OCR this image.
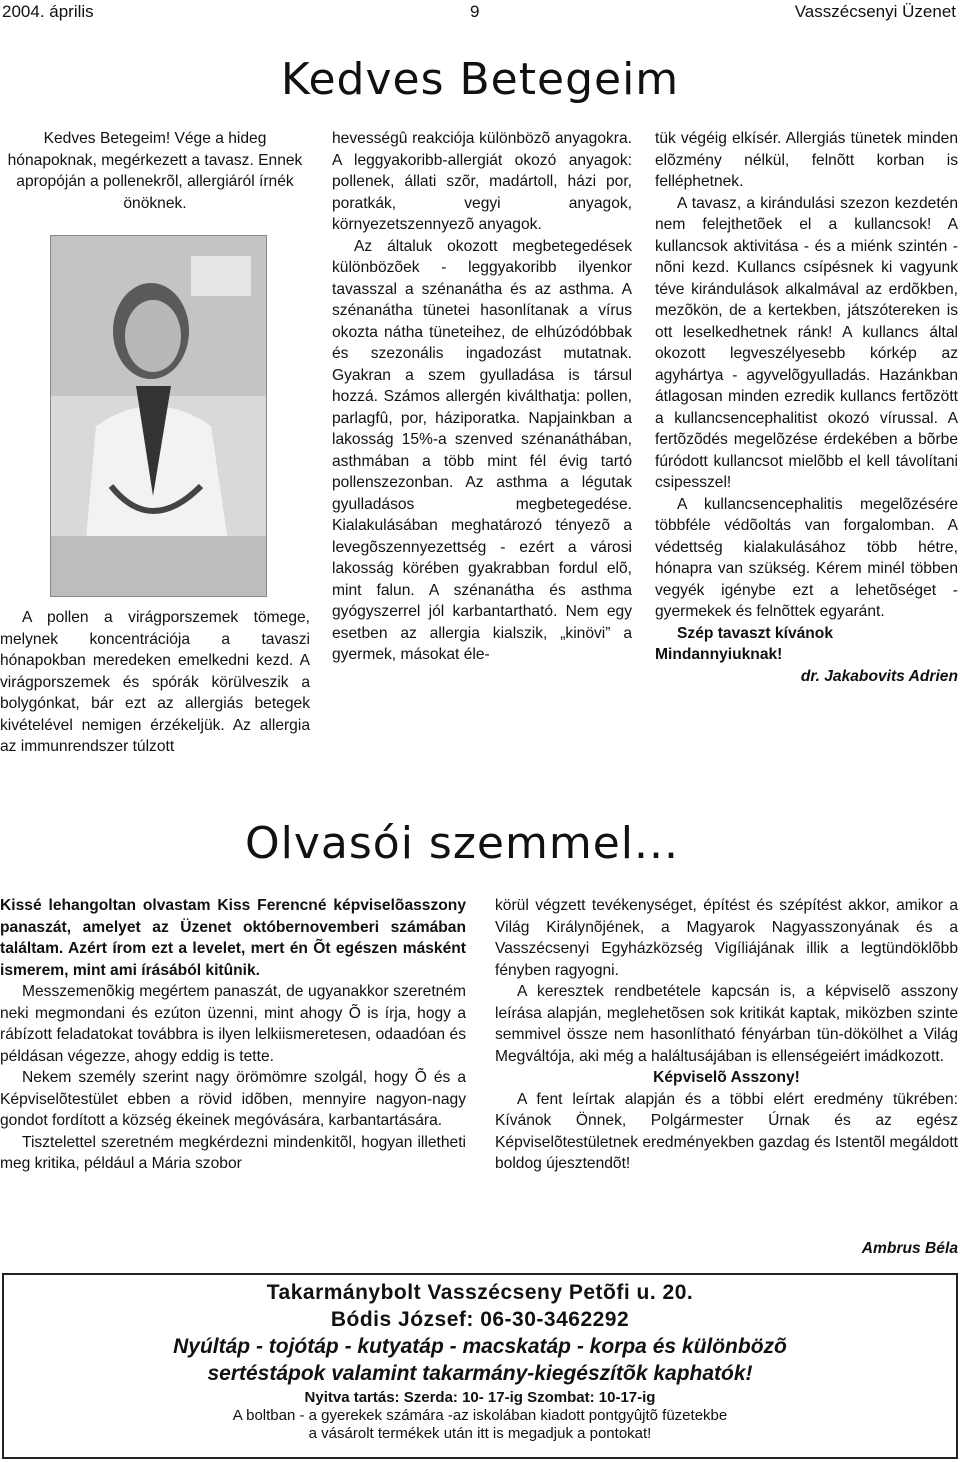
2004. április	9	Vasszécsenyi Üzenet
Kedves Betegeim

Kedves Betegeim! Vége a hideg hónapoknak, megérkezett a tavasz. Ennek apropóján a pollenekrõl, allergiáról írnék önöknek.

A pollen a virágporszemek tömege, melynek koncentrációja a tavaszi hónapokban meredeken emelkedni kezd. A virágporszemek és spórák körülveszik a bolygónkat, bár ezt az allergiás betegek kivételével nemigen érzékeljük. Az allergia az immunrendszer túlzott

hevességû reakciója különbözõ anyagokra. A leggyakoribb-allergiát okozó anyagok: pollenek, állati szõr, madártoll, házi por, poratkák, vegyi anyagok, környezetszennyezõ anyagok.

Az általuk okozott megbetegedések különbözõek - leggyakoribb ilyenkor tavasszal a szénanátha és az asthma. A szénanátha tünetei hasonlítanak a vírus okozta nátha tüneteihez, de elhúzódóbbak és szezonális ingadozást mutatnak. Gyakran a szem gyulladása is társul hozzá. Számos allergén kiválthatja: pollen, parlagfû, por, háziporatka. Napjainkban a lakosság 15%-a szenved szénanáthában, asthmában a több mint fél évig tartó pollenszezonban. Az asthma a légutak gyulladásos megbetegedése. Kialakulásában meghatározó tényezõ a levegõszennyezettség - ezért a városi lakosság körében gyakrabban fordul elõ, mint falun. A szénanátha és asthma gyógyszerrel jól karbantartható. Nem egy esetben az allergia kialszik, „kinövi” a gyermek, másokat éle-

tük végéig elkísér. Allergiás tünetek minden elõzmény nélkül, felnõtt korban is felléphetnek.

A tavasz, a kirándulási szezon kezdetén nem felejthetõek el a kullancsok! A kullancsok aktivitása - és a miénk szintén - nõni kezd. Kullancs csípésnek ki vagyunk téve kirándulások alkalmával az erdõkben, mezõkön, de a kertekben, játszótereken is ott leselkedhetnek ránk! A kullancs által okozott legveszélyesebb kórkép az agyhártya - agyvelõgyulladás. Hazánkban átlagosan minden ezredik kullancs fertõzött a kullancsencephalitist okozó vírussal. A fertõzõdés megelõzése érdekében a bõrbe fúródott kullancsot mielõbb el kell távolítani csipesszel!

A kullancsencephalitis megelõzésére többféle védõoltás van forgalomban. A védettség kialakulásához több hétre, hónapra van szükség. Kérem minél többen vegyék igénybe ezt a lehetõséget - gyermekek és felnõttek egyaránt.

Szép tavaszt kívánok Mindannyiuknak!

dr. Jakabovits Adrien

Olvasói szemmel...

Kissé lehangoltan olvastam Kiss Ferencné képviselõasszony panaszát, amelyet az Üzenet októbernovemberi számában találtam. Azért írom ezt a levelet, mert én Õt egészen másként ismerem, mint ami írásából kitûnik.

Messzemenõkig megértem panaszát, de ugyanakkor szeretném neki megmondani és ezúton üzenni, mint ahogy Õ is írja, hogy a rábízott feladatokat továbbra is ilyen lelkiismeretesen, odaadóan és példásan végezze, ahogy eddig is tette.

Nekem személy szerint nagy örömömre szolgál, hogy Õ és a Képviselõtestület ebben a rövid idõben, mennyire nagyon-nagy gondot fordított a község ékeinek megóvására, karbantartására.

Tisztelettel szeretném megkérdezni mindenkitõl, hogyan illetheti meg kritika, például a Mária szobor

körül végzett tevékenységet, építést és szépítést akkor, amikor a Világ Királynõjének, a Magyarok Nagyasszonyának és a Vasszécsenyi Egyházközség Vigíliájának illik a legtündöklõbb fényben ragyogni.

A keresztek rendbetétele kapcsán is, a képviselõ asszony leírása alapján, meglehetõsen sok kritikát kaptak, miközben szinte semmivel össze nem hasonlítható fényárban tün-dökölhet a Világ Megváltója, aki még a haláltusájában is ellenségeiért imádkozott.

Képviselõ Asszony!

A fent leírtak alapján és a többi elért eredmény tükrében: Kívánok Önnek, Polgármester Úrnak és az egész Képviselõtestületnek eredményekben gazdag és Istentõl megáldott boldog újesztendõt!

Ambrus Béla

Takarmánybolt Vasszécseny Petõfi u. 20.
Bódis József: 06-30-3462292
Nyúltáp - tojótáp - kutyatáp - macskatáp - korpa és különbözõ
sertéstápok valamint takarmány-kiegészítõk kaphatók!
Nyitva tartás: Szerda: 10- 17-ig Szombat: 10-17-ig
A boltban - a gyerekek számára -az iskolában kiadott pontgyûjtõ füzetekbe
a vásárolt termékek után itt is megadjuk a pontokat!
